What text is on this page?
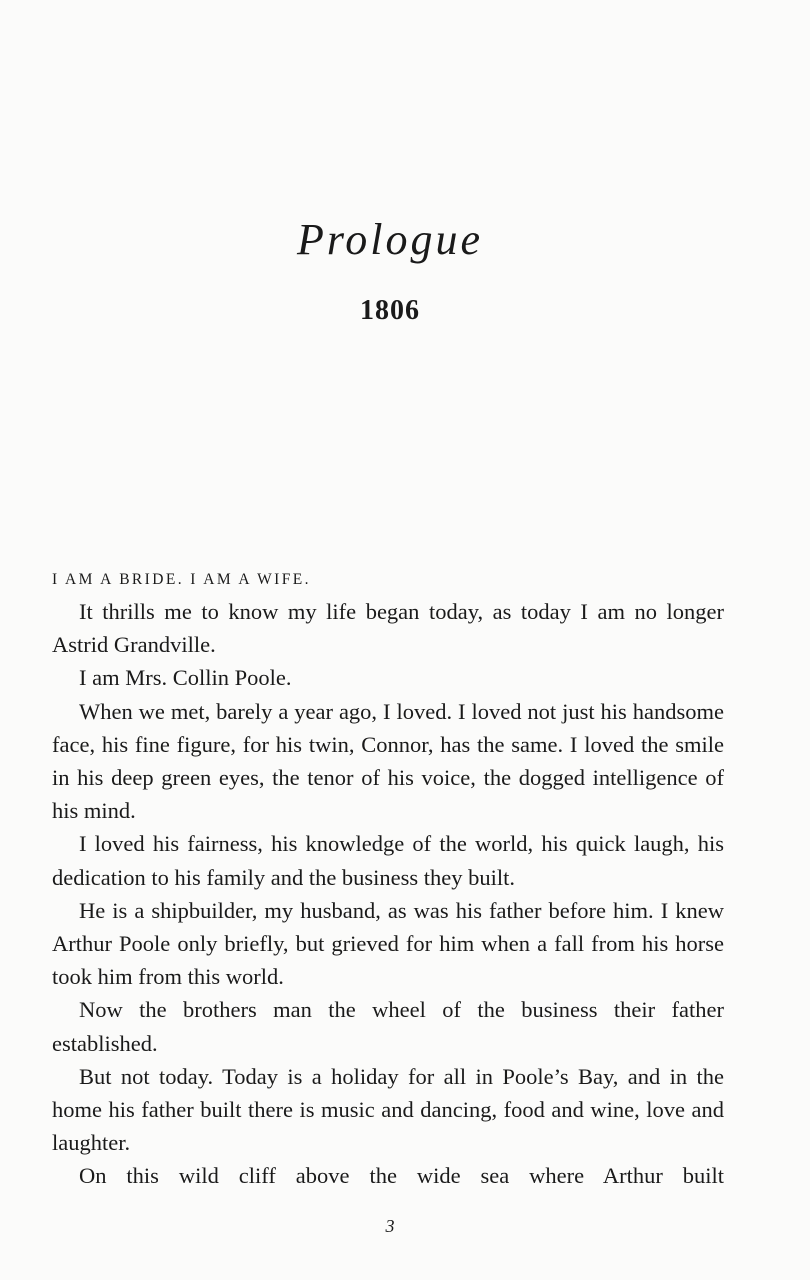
Prologue
1806

I AM A BRIDE. I AM A WIFE.

It thrills me to know my life began today, as today I am no longer Astrid Grandville.

I am Mrs. Collin Poole.

When we met, barely a year ago, I loved. I loved not just his handsome face, his fine figure, for his twin, Connor, has the same. I loved the smile in his deep green eyes, the tenor of his voice, the dogged intelligence of his mind.

I loved his fairness, his knowledge of the world, his quick laugh, his dedication to his family and the business they built.

He is a shipbuilder, my husband, as was his father before him. I knew Arthur Poole only briefly, but grieved for him when a fall from his horse took him from this world.

Now the brothers man the wheel of the business their father established.

But not today. Today is a holiday for all in Poole’s Bay, and in the home his father built there is music and dancing, food and wine, love and laughter.

On this wild cliff above the wide sea where Arthur built

3
